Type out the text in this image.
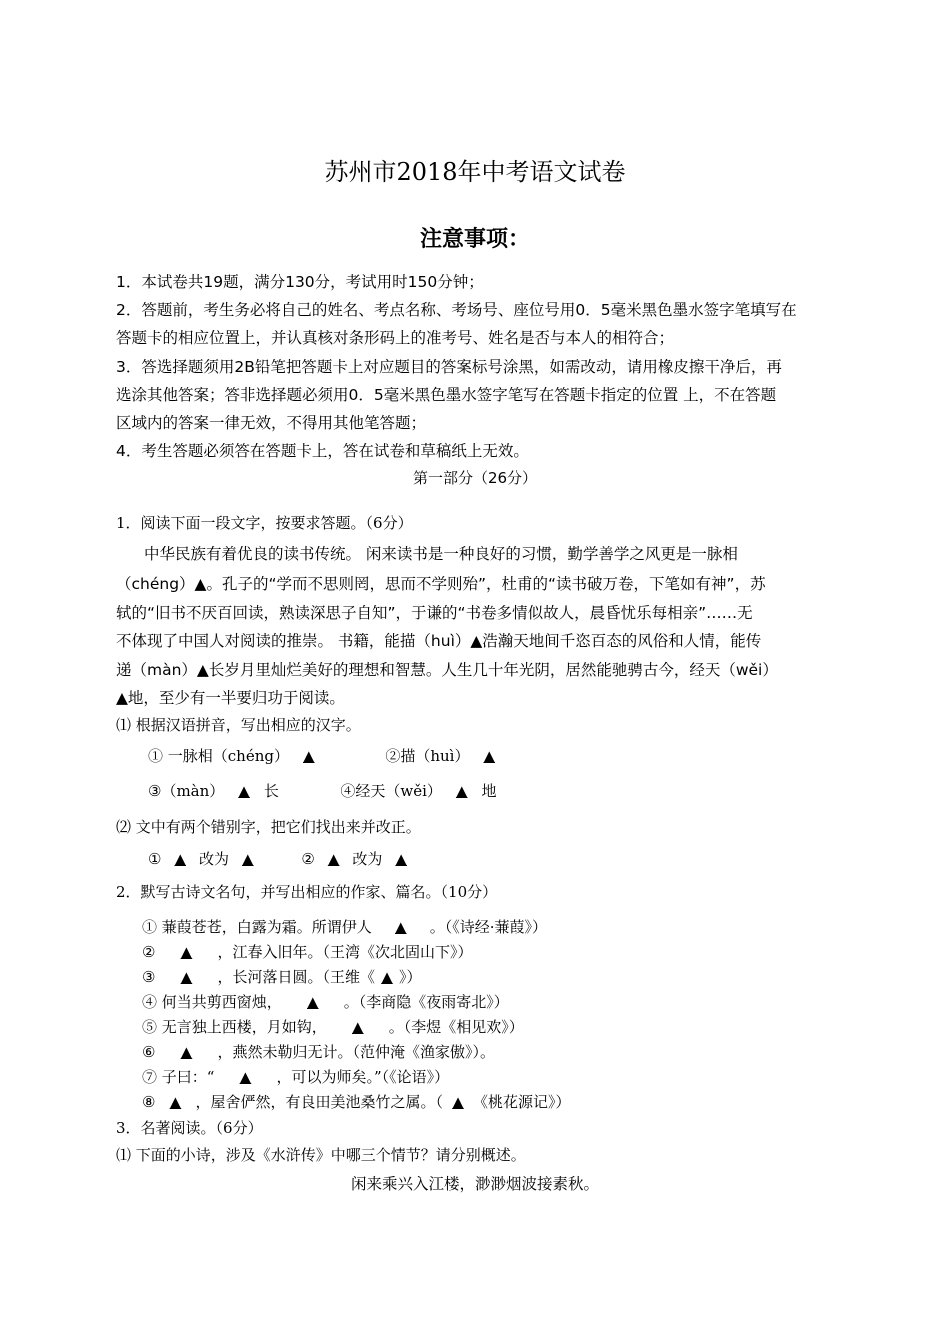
苏州市2018年中考语文试卷
注意事项：
1．本试卷共19题，满分130分，考试用时150分钟；
2．答题前，考生务必将自己的姓名、考点名称、考场号、座位号用0．5毫米黑色墨水签字笔填写在
答题卡的相应位置上，并认真核对条形码上的准考号、姓名是否与本人的相符合；
3．答选择题须用2B铅笔把答题卡上对应题目的答案标号涂黑，如需改动，请用橡皮擦干净后，再
选涂其他答案；答非选择题必须用0．5毫米黑色墨水签字笔写在答题卡指定的位置 上，不在答题
区域内的答案一律无效，不得用其他笔答题；
4．考生答题必须答在答题卡上，答在试卷和草稿纸上无效。
第一部分（26分）
1．阅读下面一段文字，按要求答题。（6分）
中华民族有着优良的读书传统。 闲来读书是一种良好的习惯，勤学善学之风更是一脉相
（chéng）▲。孔子的“学而不思则罔，思而不学则殆”，杜甫的“读书破万卷，下笔如有神”，苏
轼的“旧书不厌百回读，熟读深思子自知”，于谦的“书卷多情似故人，晨昏忧乐每相亲”……无
不体现了中国人对阅读的推崇。 书籍，能描（huì）▲浩瀚天地间千恣百态的风俗和人情，能传
递（màn）▲长岁月里灿烂美好的理想和智慧。人生几十年光阴，居然能驰骋古今，经天（wěi）
▲地，至少有一半要归功于阅读。
⑴ 根据汉语拼音，写出相应的汉字。
① 一脉相（chéng） ▲	②描（huì） ▲
③（màn） ▲ 长	④经天（wěi） ▲ 地
⑵ 文中有两个错别字，把它们找出来并改正。
① ▲ 改为 ▲	② ▲ 改为 ▲
2．默写古诗文名句，并写出相应的作家、篇名。（10分）
① 蒹葭苍苍，白露为霜。所谓伊人 ▲ 。（《诗经·蒹葭》）
② ▲ ，江春入旧年。（王湾《次北固山下》）
③ ▲ ，长河落日圆。（王维《 ▲ 》）
④ 何当共剪西窗烛， ▲ 。（李商隐《夜雨寄北》）
⑤ 无言独上西楼，月如钩， ▲ 。（李煜《相见欢》）
⑥ ▲ ，燕然未勒归无计。（范仲淹《渔家傲》）。
⑦ 子曰：“ ▲ ，可以为师矣。”（《论语》）
⑧ ▲ ，屋舍俨然，有良田美池桑竹之属。（ ▲ 《桃花源记》）
3．名著阅读。（6分）
⑴ 下面的小诗，涉及《水浒传》中哪三个情节？请分别概述。
闲来乘兴入江楼，渺渺烟波接素秋。
